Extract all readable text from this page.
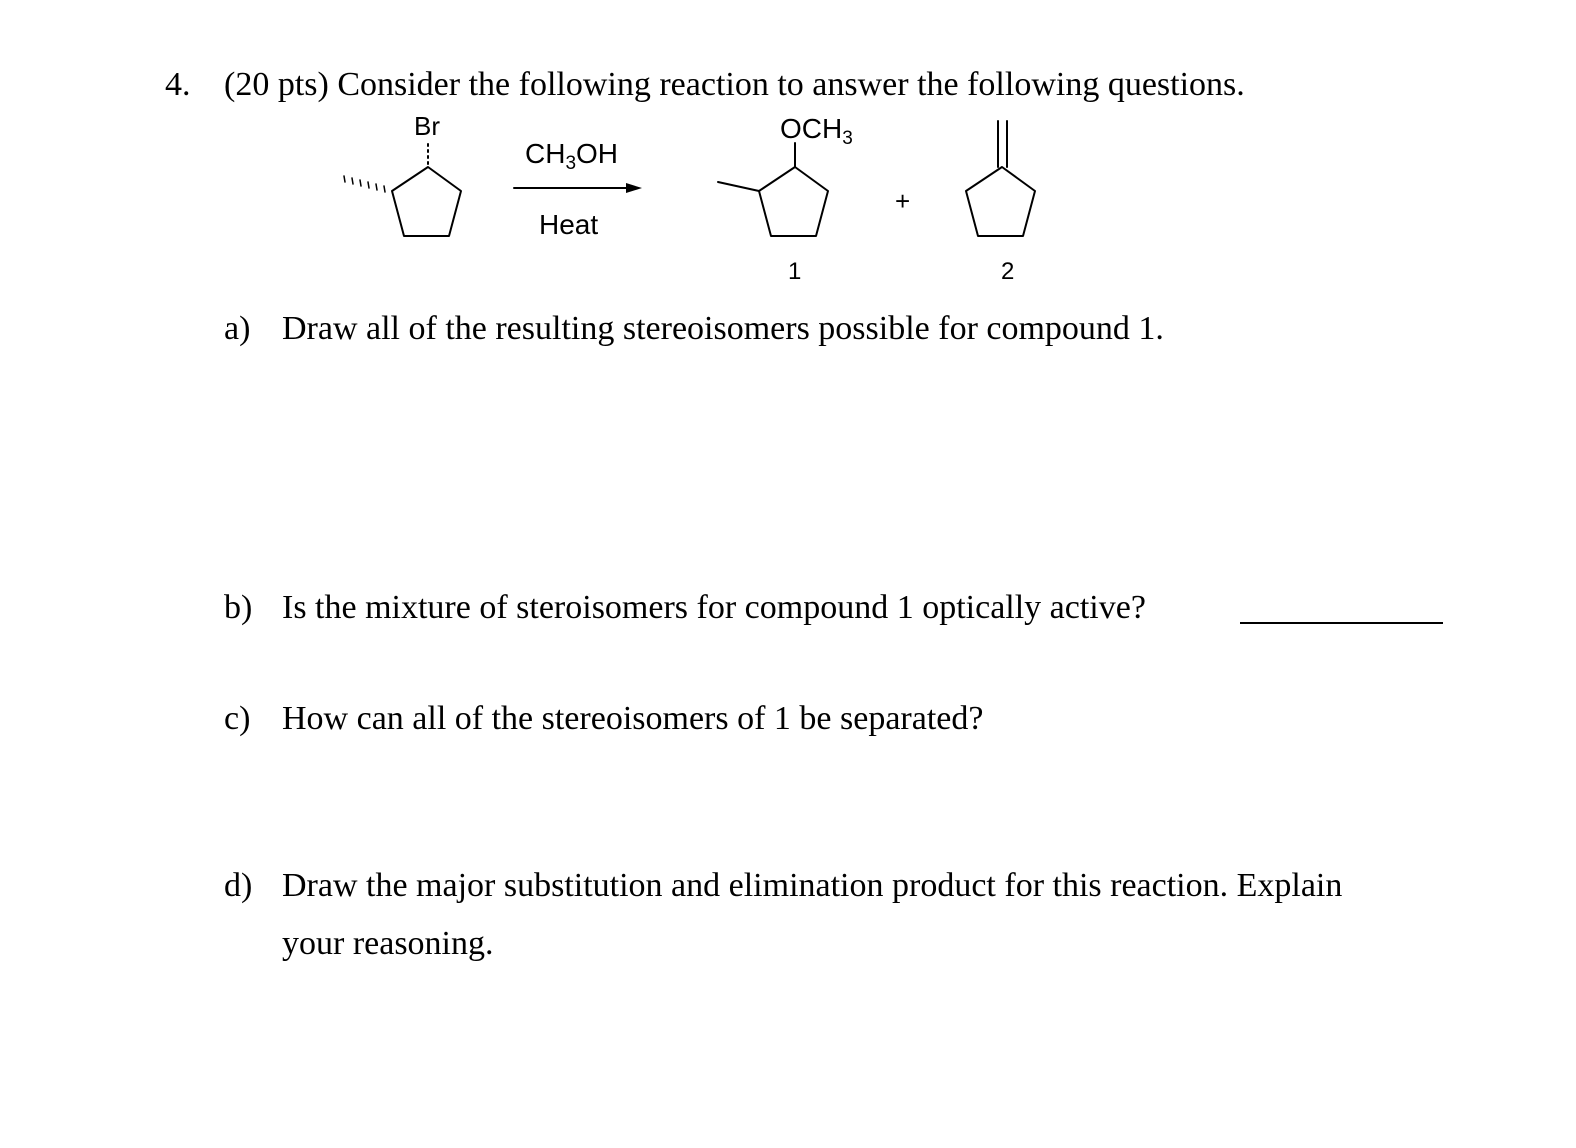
4. (20 pts) Consider the following reaction to answer the following questions.
Br
$CH_3OH$
Heat
$OCH_3$
+
1	2
a) Draw all of the resulting stereoisomers possible for compound 1.
b) Is the mixture of steroisomers for compound 1 optically active?
c) How can all of the stereoisomers of 1 be separated?
d) Draw the major substitution and elimination product for this reaction. Explain
your reasoning.
